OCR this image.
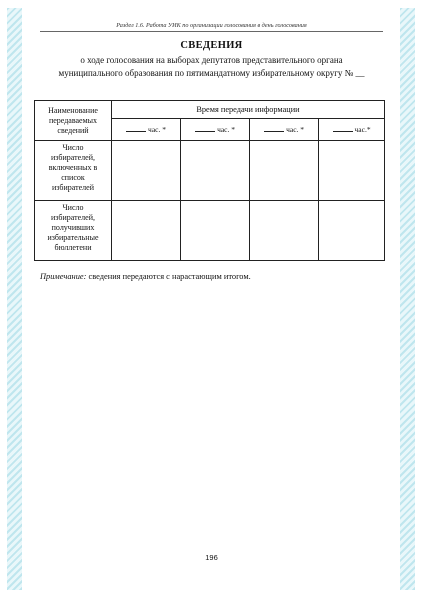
Раздел 1.6. Работа УИК по организации голосования в день голосования
СВЕДЕНИЯ
о ходе голосования на выборах депутатов представительного органа
муниципального образования по пятимандатному избирательному округу № __
Наименование
передаваемых
сведений	Время передачи информации			
	час. *	час. *	час. *	час.*

Число
избирателей,
включенных в
список
избирателей				

Число
избирателей,
получивших
избирательные
бюллетени				

Примечание: сведения передаются с нарастающим итогом.
196
